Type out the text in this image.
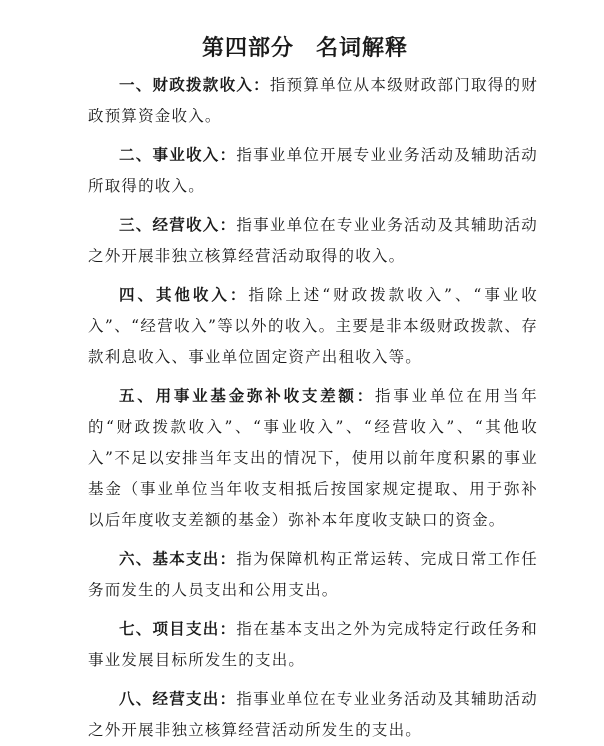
第四部分 名词解释

一、财政拨款收入：指预算单位从本级财政部门取得的财政预算资金收入。

二、事业收入：指事业单位开展专业业务活动及辅助活动所取得的收入。

三、经营收入：指事业单位在专业业务活动及其辅助活动之外开展非独立核算经营活动取得的收入。

四、其他收入：指除上述“财政拨款收入”、“事业收入”、“经营收入”等以外的收入。主要是非本级财政拨款、存款利息收入、事业单位固定资产出租收入等。

五、用事业基金弥补收支差额：指事业单位在用当年的“财政拨款收入”、“事业收入”、“经营收入”、“其他收入”不足以安排当年支出的情况下，使用以前年度积累的事业基金（事业单位当年收支相抵后按国家规定提取、用于弥补以后年度收支差额的基金）弥补本年度收支缺口的资金。

六、基本支出：指为保障机构正常运转、完成日常工作任务而发生的人员支出和公用支出。

七、项目支出：指在基本支出之外为完成特定行政任务和事业发展目标所发生的支出。

八、经营支出：指事业单位在专业业务活动及其辅助活动之外开展非独立核算经营活动所发生的支出。
